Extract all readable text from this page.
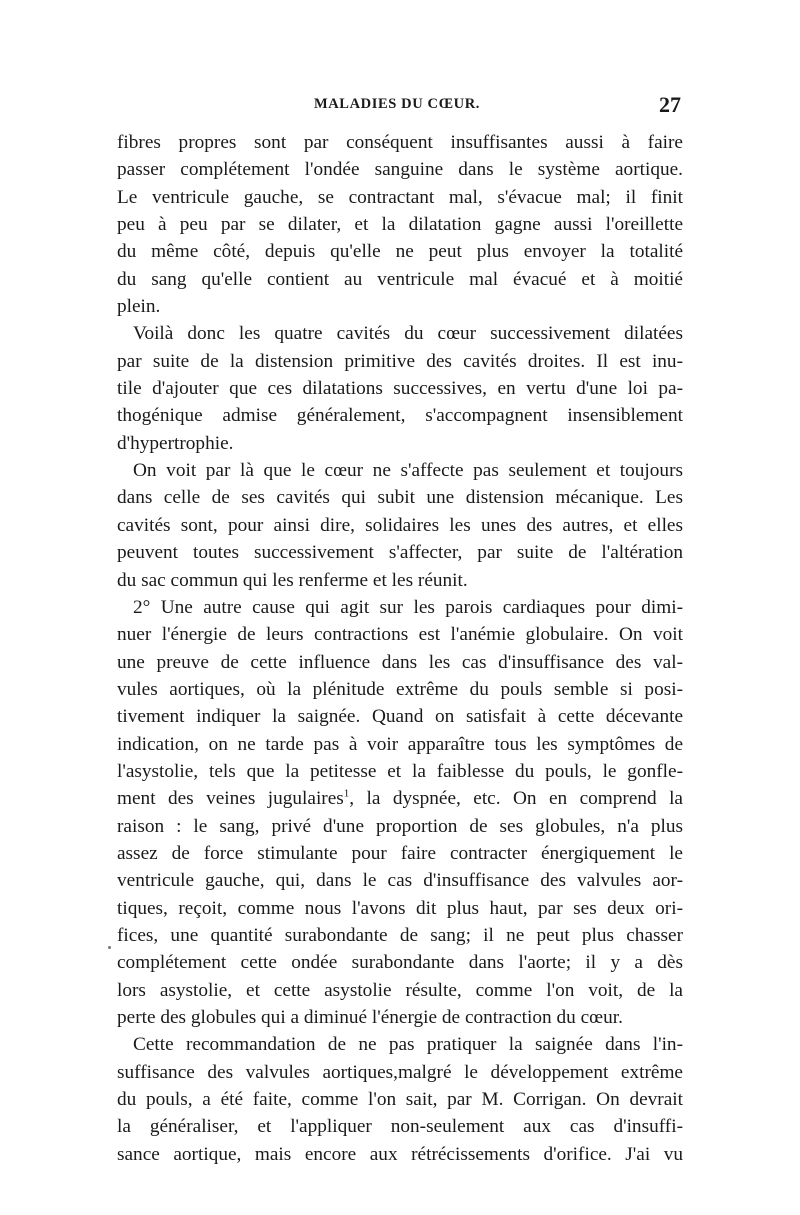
MALADIES DU CŒUR.	27
fibres propres sont par conséquent insuffisantes aussi à faire
passer complétement l'ondée sanguine dans le système aortique.
Le ventricule gauche, se contractant mal, s'évacue mal; il finit
peu à peu par se dilater, et la dilatation gagne aussi l'oreillette
du même côté, depuis qu'elle ne peut plus envoyer la totalité
du sang qu'elle contient au ventricule mal évacué et à moitié
plein.
Voilà donc les quatre cavités du cœur successivement dilatées
par suite de la distension primitive des cavités droites. Il est inu-
tile d'ajouter que ces dilatations successives, en vertu d'une loi pa-
thogénique admise généralement, s'accompagnent insensiblement
d'hypertrophie.
On voit par là que le cœur ne s'affecte pas seulement et toujours
dans celle de ses cavités qui subit une distension mécanique. Les
cavités sont, pour ainsi dire, solidaires les unes des autres, et elles
peuvent toutes successivement s'affecter, par suite de l'altération
du sac commun qui les renferme et les réunit.
2° Une autre cause qui agit sur les parois cardiaques pour dimi-
nuer l'énergie de leurs contractions est l'anémie globulaire. On voit
une preuve de cette influence dans les cas d'insuffisance des val-
vules aortiques, où la plénitude extrême du pouls semble si posi-
tivement indiquer la saignée. Quand on satisfait à cette décevante
indication, on ne tarde pas à voir apparaître tous les symptômes de
l'asystolie, tels que la petitesse et la faiblesse du pouls, le gonfle-
ment des veines jugulaires$^1$, la dyspnée, etc. On en comprend la
raison : le sang, privé d'une proportion de ses globules, n'a plus
assez de force stimulante pour faire contracter énergiquement le
ventricule gauche, qui, dans le cas d'insuffisance des valvules aor-
tiques, reçoit, comme nous l'avons dit plus haut, par ses deux ori-
fices, une quantité surabondante de sang; il ne peut plus chasser
complétement cette ondée surabondante dans l'aorte; il y a dès
lors asystolie, et cette asystolie résulte, comme l'on voit, de la
perte des globules qui a diminué l'énergie de contraction du cœur.
Cette recommandation de ne pas pratiquer la saignée dans l'in-
suffisance des valvules aortiques,malgré le développement extrême
du pouls, a été faite, comme l'on sait, par M. Corrigan. On devrait
la généraliser, et l'appliquer non-seulement aux cas d'insuffi-
sance aortique, mais encore aux rétrécissements d'orifice. J'ai vu
